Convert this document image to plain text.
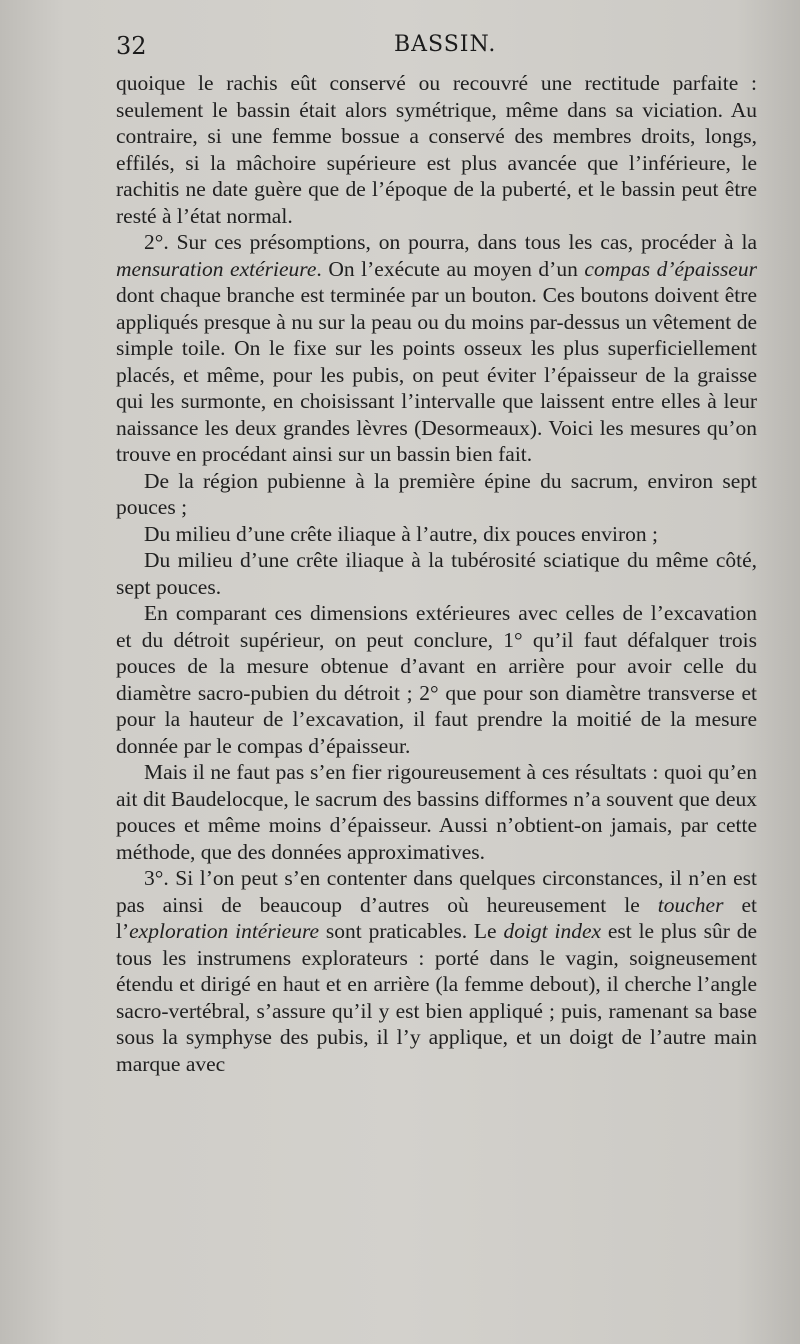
32	BASSIN.

quoique le rachis eût conservé ou recouvré une rectitude parfaite : seulement le bassin était alors symétrique, même dans sa viciation. Au contraire, si une femme bossue a conservé des membres droits, longs, effilés, si la mâchoire supérieure est plus avancée que l’inférieure, le rachitis ne date guère que de l’époque de la puberté, et le bassin peut être resté à l’état normal.

2°. Sur ces présomptions, on pourra, dans tous les cas, procéder à la mensuration extérieure. On l’exécute au moyen d’un compas d’épaisseur dont chaque branche est terminée par un bouton. Ces boutons doivent être appliqués presque à nu sur la peau ou du moins par-dessus un vêtement de simple toile. On le fixe sur les points osseux les plus superficiellement placés, et même, pour les pubis, on peut éviter l’épaisseur de la graisse qui les surmonte, en choisissant l’intervalle que laissent entre elles à leur naissance les deux grandes lèvres (Desormeaux). Voici les mesures qu’on trouve en procédant ainsi sur un bassin bien fait.

De la région pubienne à la première épine du sacrum, environ sept pouces ;

Du milieu d’une crête iliaque à l’autre, dix pouces environ ;

Du milieu d’une crête iliaque à la tubérosité sciatique du même côté, sept pouces.

En comparant ces dimensions extérieures avec celles de l’excavation et du détroit supérieur, on peut conclure, 1° qu’il faut défalquer trois pouces de la mesure obtenue d’avant en arrière pour avoir celle du diamètre sacro-pubien du détroit ; 2° que pour son diamètre transverse et pour la hauteur de l’excavation, il faut prendre la moitié de la mesure donnée par le compas d’épaisseur.

Mais il ne faut pas s’en fier rigoureusement à ces résultats : quoi qu’en ait dit Baudelocque, le sacrum des bassins difformes n’a souvent que deux pouces et même moins d’épaisseur. Aussi n’obtient-on jamais, par cette méthode, que des données approximatives.

3°. Si l’on peut s’en contenter dans quelques circonstances, il n’en est pas ainsi de beaucoup d’autres où heureusement le toucher et l’exploration intérieure sont praticables. Le doigt index est le plus sûr de tous les instrumens explorateurs : porté dans le vagin, soigneusement étendu et dirigé en haut et en arrière (la femme debout), il cherche l’angle sacro-vertébral, s’assure qu’il y est bien appliqué ; puis, ramenant sa base sous la symphyse des pubis, il l’y applique, et un doigt de l’autre main marque avec
